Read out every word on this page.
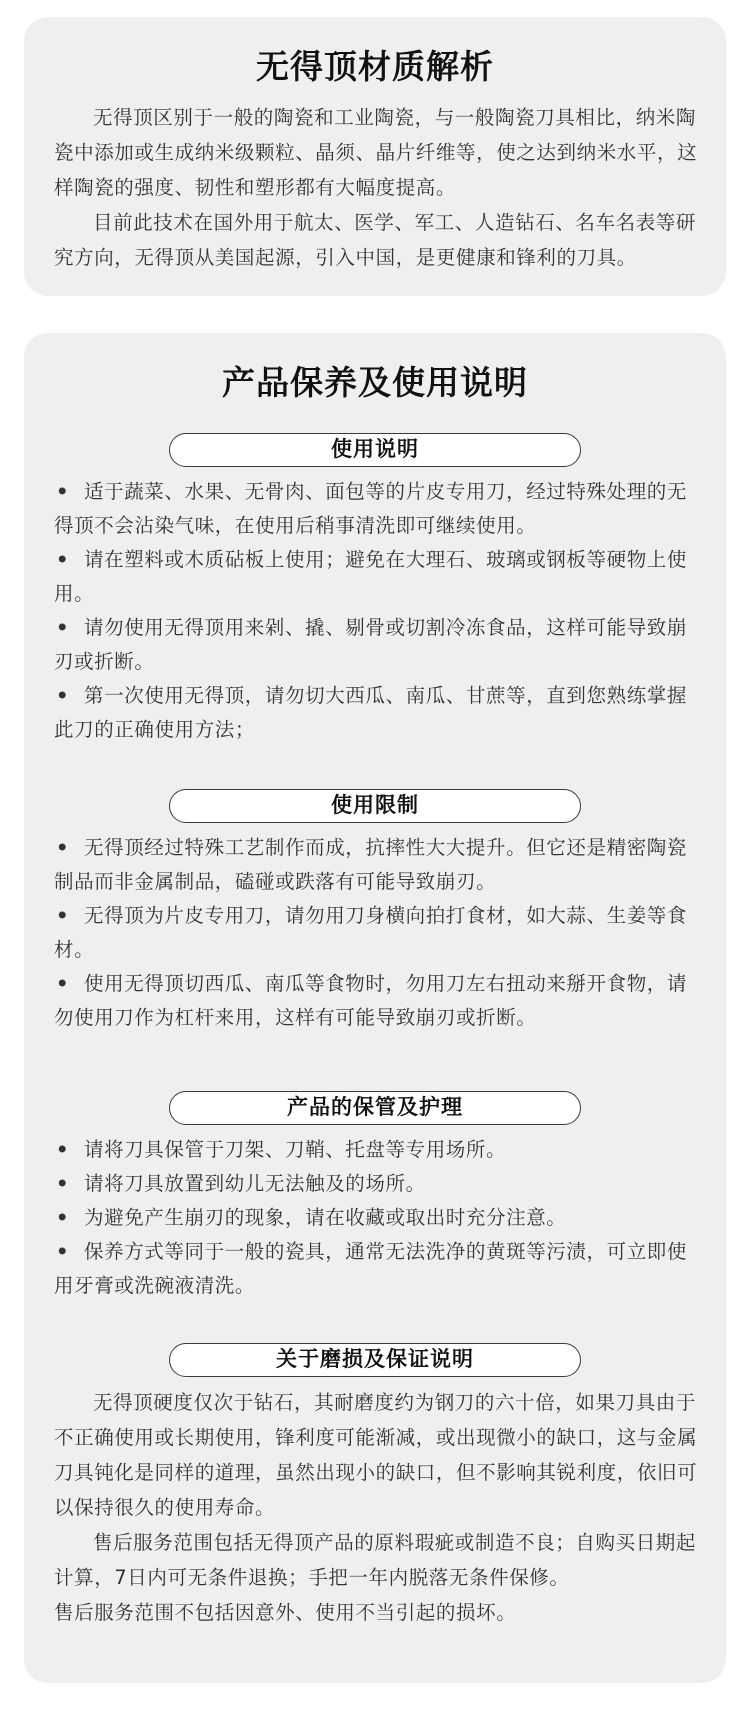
无得顶材质解析

无得顶区别于一般的陶瓷和工业陶瓷，与一般陶瓷刀具相比，纳米陶瓷中添加或生成纳米级颗粒、晶须、晶片纤维等，使之达到纳米水平，这样陶瓷的强度、韧性和塑形都有大幅度提高。

目前此技术在国外用于航太、医学、军工、人造钻石、名车名表等研究方向，无得顶从美国起源，引入中国，是更健康和锋利的刀具。

产品保养及使用说明
使用说明
• 适于蔬菜、水果、无骨肉、面包等的片皮专用刀，经过特殊处理的无得顶不会沾染气味，在使用后稍事清洗即可继续使用。
• 请在塑料或木质砧板上使用；避免在大理石、玻璃或钢板等硬物上使用。
• 请勿使用无得顶用来剁、撬、剔骨或切割冷冻食品，这样可能导致崩刃或折断。
• 第一次使用无得顶，请勿切大西瓜、南瓜、甘蔗等，直到您熟练掌握此刀的正确使用方法；
使用限制
• 无得顶经过特殊工艺制作而成，抗摔性大大提升。但它还是精密陶瓷制品而非金属制品，磕碰或跌落有可能导致崩刃。
• 无得顶为片皮专用刀，请勿用刀身横向拍打食材，如大蒜、生姜等食材。
• 使用无得顶切西瓜、南瓜等食物时，勿用刀左右扭动来掰开食物，请勿使用刀作为杠杆来用，这样有可能导致崩刃或折断。
产品的保管及护理
• 请将刀具保管于刀架、刀鞘、托盘等专用场所。
• 请将刀具放置到幼儿无法触及的场所。
• 为避免产生崩刃的现象，请在收藏或取出时充分注意。
• 保养方式等同于一般的瓷具，通常无法洗净的黄斑等污渍，可立即使用牙膏或洗碗液清洗。
关于磨损及保证说明

无得顶硬度仅次于钻石，其耐磨度约为钢刀的六十倍，如果刀具由于不正确使用或长期使用，锋利度可能渐减，或出现微小的缺口，这与金属刀具钝化是同样的道理，虽然出现小的缺口，但不影响其锐利度，依旧可以保持很久的使用寿命。

售后服务范围包括无得顶产品的原料瑕疵或制造不良；自购买日期起计算，7日内可无条件退换；手把一年内脱落无条件保修。

售后服务范围不包括因意外、使用不当引起的损坏。
